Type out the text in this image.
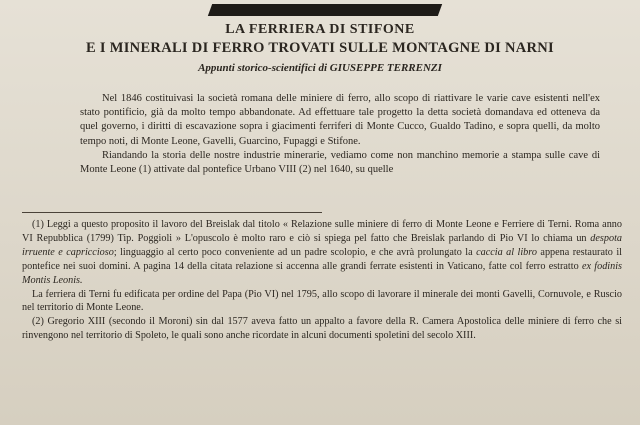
LA FERRIERA DI STIFONE
E I MINERALI DI FERRO TROVATI SULLE MONTAGNE DI NARNI
Appunti storico-scientifici di GIUSEPPE TERRENZI

Nel 1846 costituivasi la società romana delle miniere di ferro, allo scopo di riattivare le varie cave esistenti nell'ex stato pontificio, già da molto tempo abbandonate. Ad effettuare tale progetto la detta società domandava ed otteneva da quel governo, i diritti di escavazione sopra i giacimenti ferriferi di Monte Cucco, Gualdo Tadino, e sopra quelli, da molto tempo noti, di Monte Leone, Gavelli, Guarcino, Fupaggi e Stifone.

Riandando la storia delle nostre industrie minerarie, vediamo come non manchino memorie a stampa sulle cave di Monte Leone (1) attivate dal pontefice Urbano VIII (2) nel 1640, su quelle

(1) Leggi a questo proposito il lavoro del Breislak dal titolo « Relazione sulle miniere di ferro di Monte Leone e Ferriere di Terni. Roma anno VI Repubblica (1799) Tip. Poggioli » L'opuscolo è molto raro e ciò si spiega pel fatto che Breislak parlando di Pio VI lo chiama un despota irruente e capriccioso; linguaggio al certo poco conveniente ad un padre scolopio, e che avrà prolungato la caccia al libro appena restaurato il pontefice nei suoi domini. A pagina 14 della citata relazione si accenna alle grandi ferrate esistenti in Vaticano, fatte col ferro estratto ex fodinis Montis Leonis.

La ferriera di Terni fu edificata per ordine del Papa (Pio VI) nel 1795, allo scopo di lavorare il minerale dei monti Gavelli, Cornuvole, e Ruscio nel territorio di Monte Leone.

(2) Gregorio XIII (secondo il Moroni) sin dal 1577 aveva fatto un appalto a favore della R. Camera Apostolica delle miniere di ferro che si rinvengono nel territorio di Spoleto, le quali sono anche ricordate in alcuni documenti spoletini del secolo XIII.
